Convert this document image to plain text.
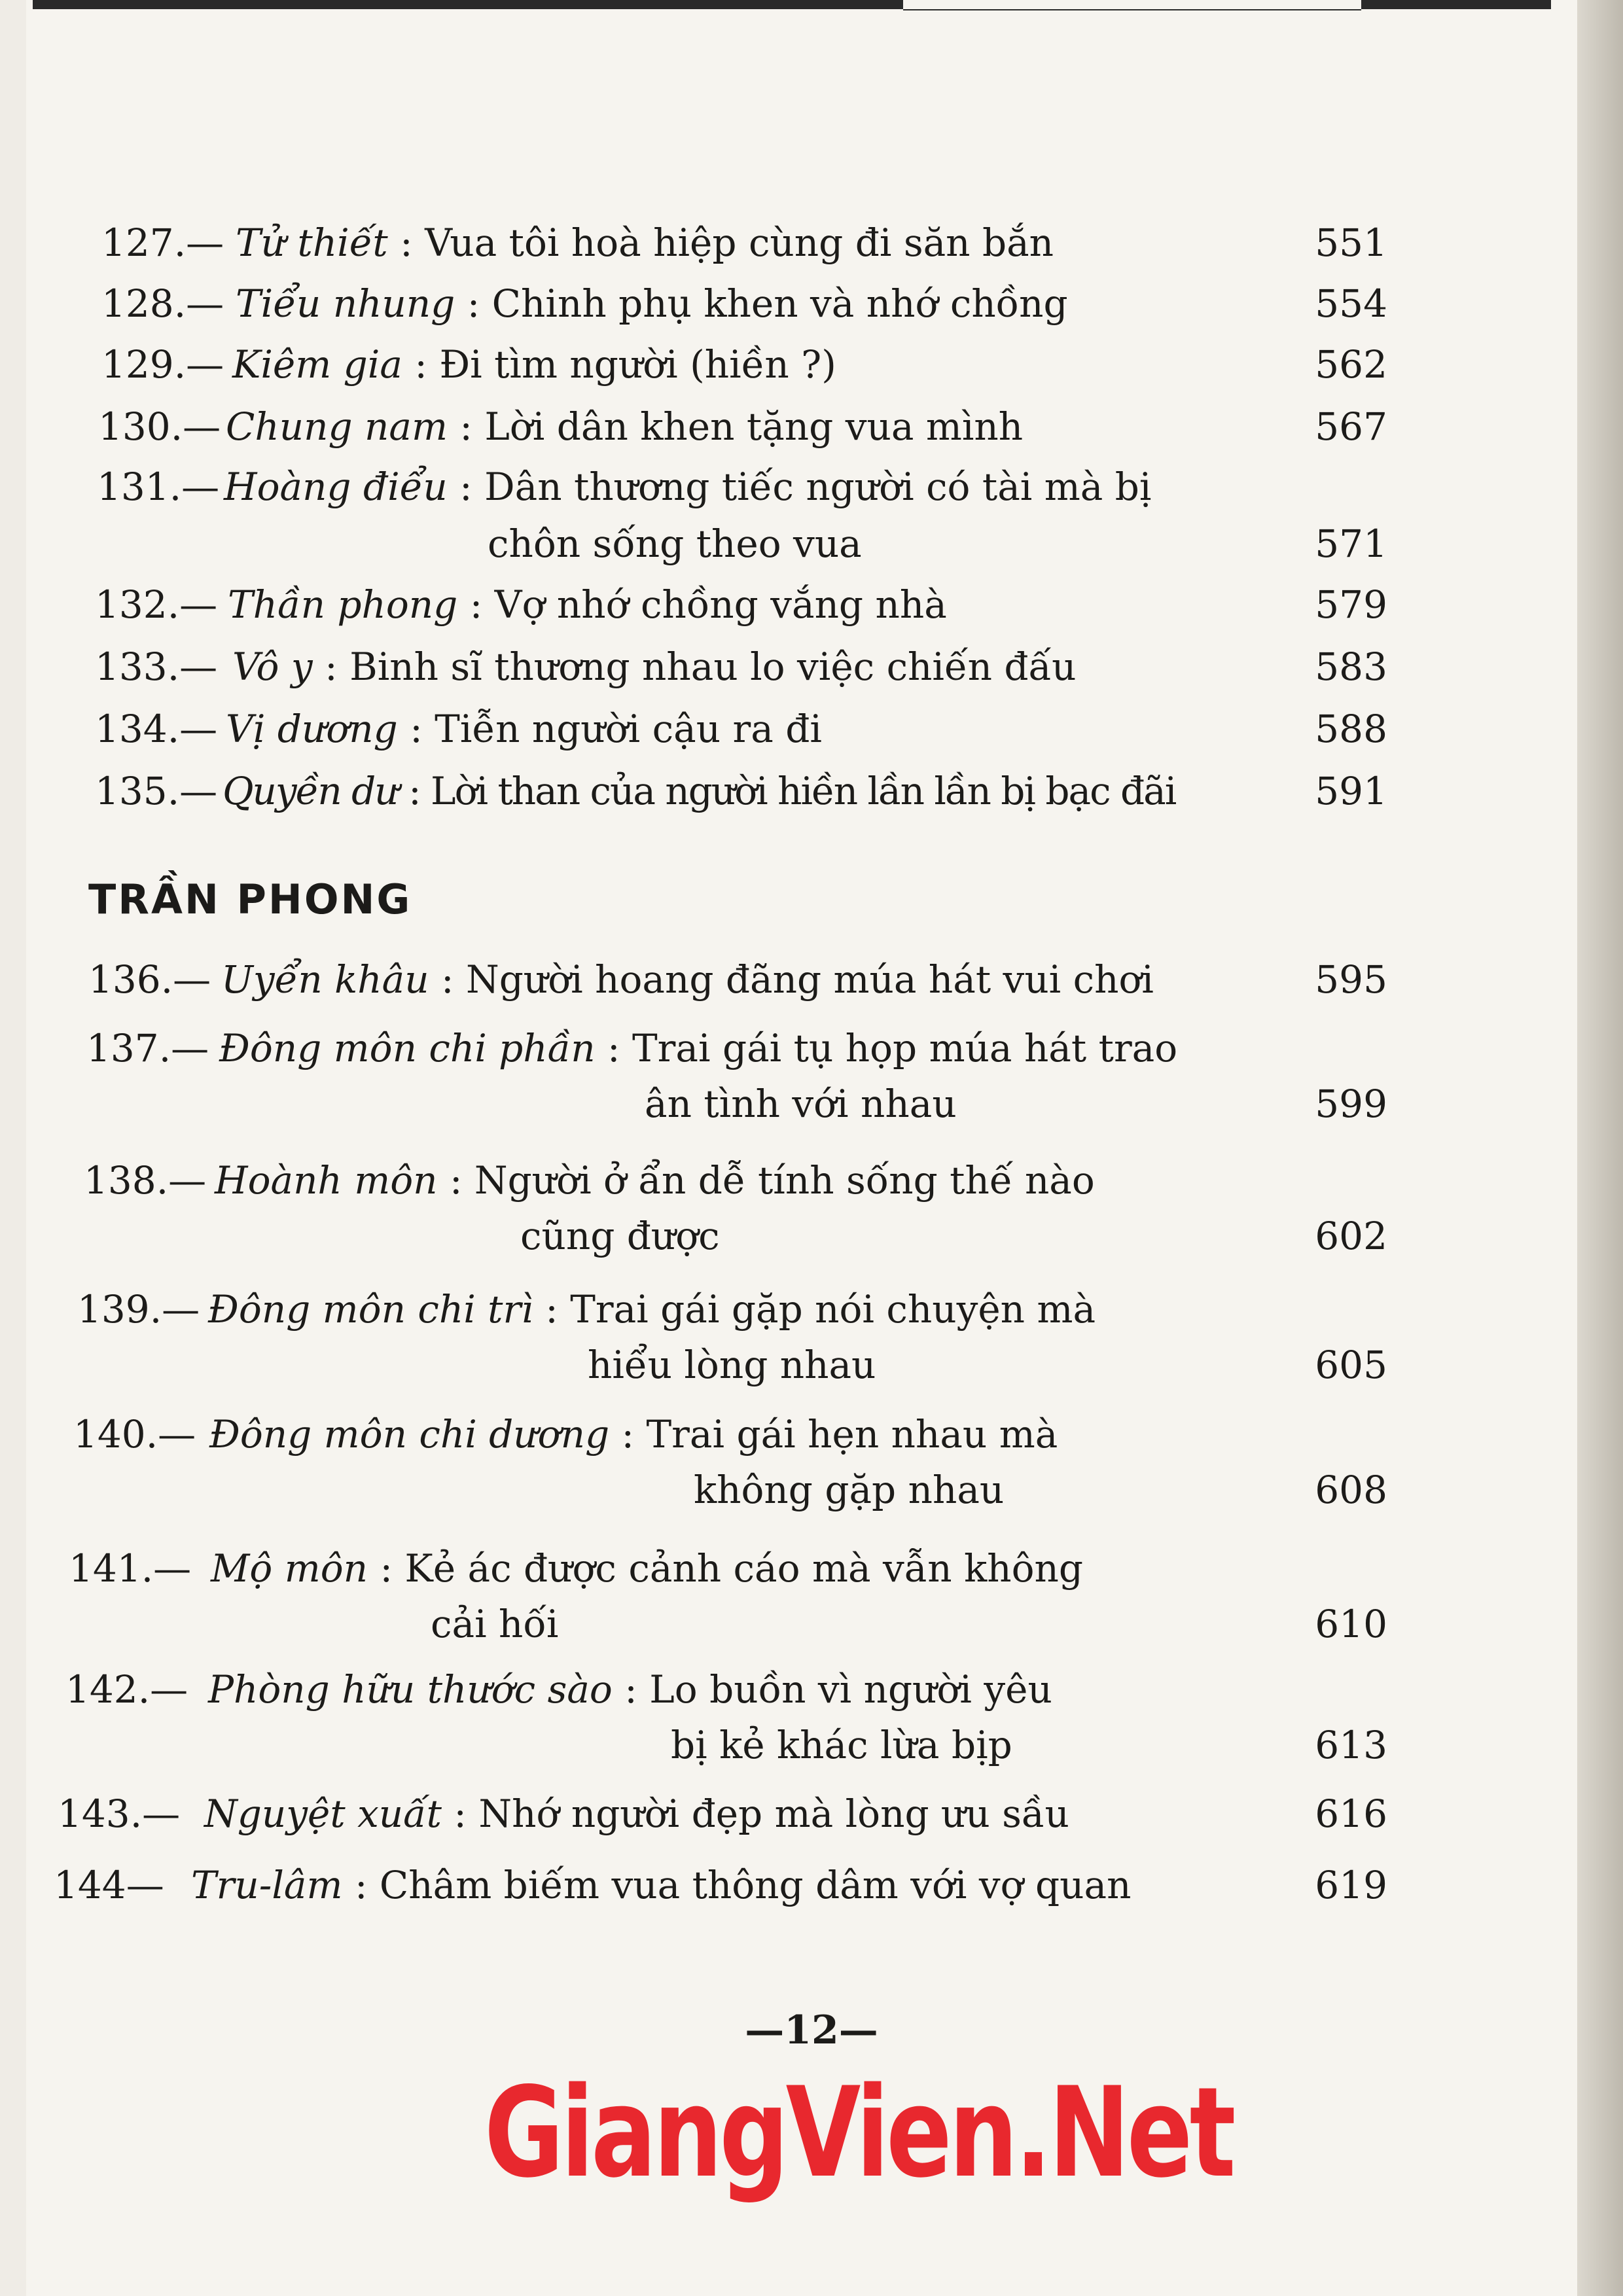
127.— Tử thiết : Vua tôi hoà hiệp cùng đi săn bắn	551
128.— Tiểu nhung : Chinh phụ khen và nhớ chồng	554
129.— Kiêm gia : Đi tìm người (hiền ?)	562
130.— Chung nam : Lời dân khen tặng vua mình	567
131.— Hoàng điểu : Dân thương tiếc người có tài mà bị
chôn sống theo vua	571
132.— Thần phong : Vợ nhớ chồng vắng nhà	579
133.— Vô y : Binh sĩ thương nhau lo việc chiến đấu	583
134.— Vị dương : Tiễn người cậu ra đi	588
135.— Quyền dư : Lời than của người hiền lần lần bị bạc đãi	591
TRẦN PHONG
136.— Uyển khâu : Người hoang đãng múa hát vui chơi	595
137.— Đông môn chi phần : Trai gái tụ họp múa hát trao
ân tình với nhau	599
138.— Hoành môn : Người ở ẩn dễ tính sống thế nào
cũng được	602
139.— Đông môn chi trì : Trai gái gặp nói chuyện mà
hiểu lòng nhau	605
140.— Đông môn chi dương : Trai gái hẹn nhau mà
không gặp nhau	608
141.— Mộ môn : Kẻ ác được cảnh cáo mà vẫn không
cải hối	610
142.— Phòng hữu thước sào : Lo buồn vì người yêu
bị kẻ khác lừa bịp	613
143.— Nguyệt xuất : Nhớ người đẹp mà lòng ưu sầu	616
144— Tru-lâm : Châm biếm vua thông dâm với vợ quan	619
—12—
GiangVien.Net
